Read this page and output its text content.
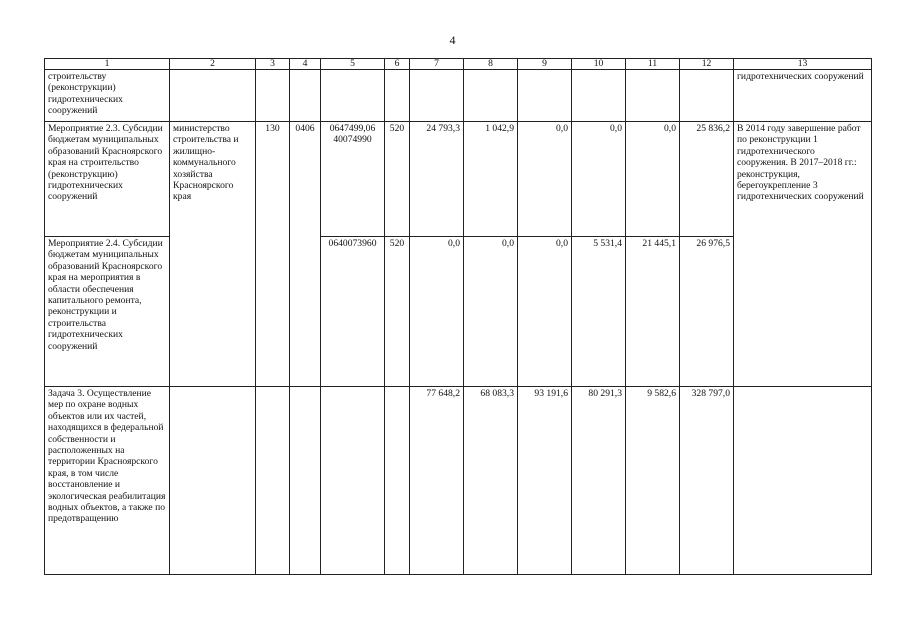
4
1	2	3	4	5	6	7	8	9	10	11	12	13
строительству (реконструкции) гидротехнических сооружений												гидротехнических сооружений
Мероприятие 2.3. Субсидии бюджетам муниципальных образований Красноярского края на строительство (реконструкцию) гидротехнических сооружений	министерство строительства и жилищно-коммунального хозяйства Красноярского края	130	0406	0647499,06 40074990	520	24 793,3	1 042,9	0,0	0,0	0,0	25 836,2	В 2014 году завершение работ по реконструкции 1 гидротехнического сооружения. В 2017–2018 гг.: реконструкция, берегоукрепление 3 гидротехнических сооружений
Мероприятие 2.4. Субсидии бюджетам муниципальных образований Красноярского края на мероприятия в области обеспечения капитального ремонта, реконструкции и строительства гидротехнических сооружений				0640073960	520	0,0	0,0	0,0	5 531,4	21 445,1	26 976,5	
Задача 3. Осуществление мер по охране водных объектов или их частей, находящихся в федеральной собственности и расположенных на территории Красноярского края, в том числе восстановление и экологическая реабилитация водных объектов, а также по предотвращению						77 648,2	68 083,3	93 191,6	80 291,3	9 582,6	328 797,0	
